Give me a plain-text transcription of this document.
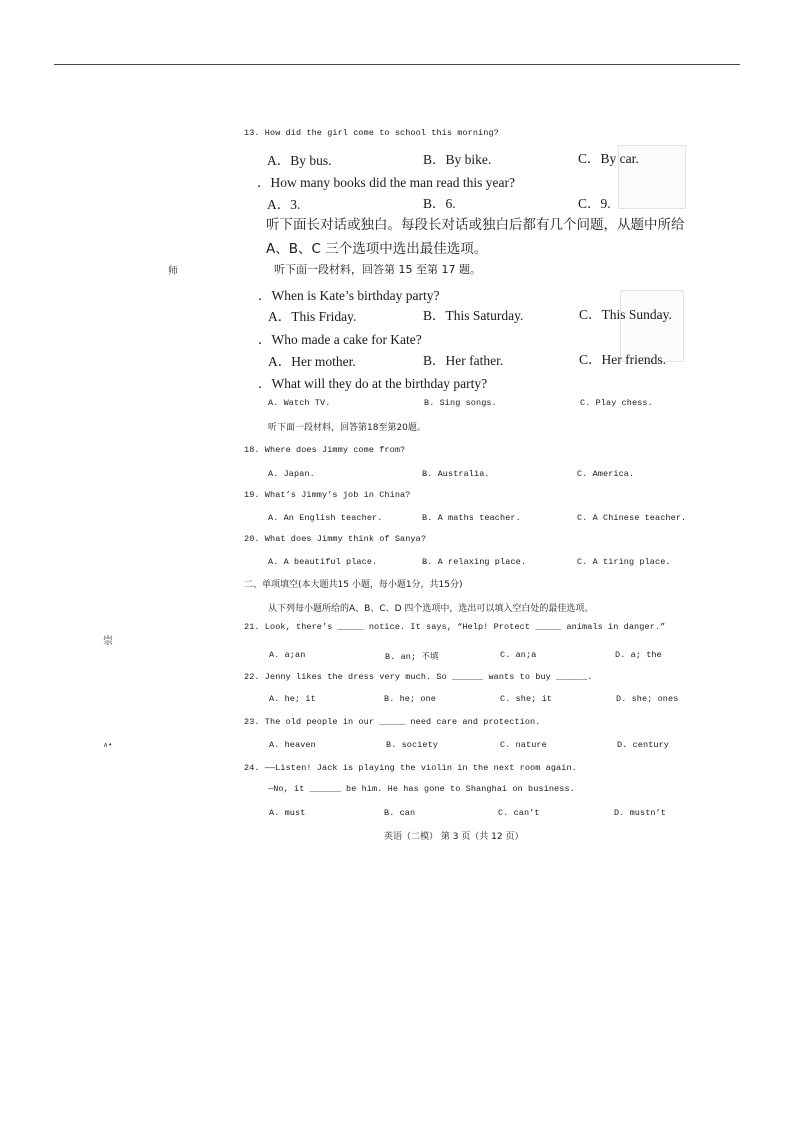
师
崇
∧•
13. How did the girl come to school this morning?
A．By bus.	B．By bike.	C．By car.
．How many books did the man read this year?
A．3.	B．6.	C．9.
听下面长对话或独白。每段长对话或独白后都有几个问题，从题中所给
A、B、C 三个选项中选出最佳选项。
听下面一段材料，回答第 15 至第 17 题。
．When is Kate’s birthday party?
A．This Friday.	B．This Saturday.	C．This Sunday.
．Who made a cake for Kate?
A．Her mother.	B．Her father.	C．Her friends.
．What will they do at the birthday party?
A. Watch TV.	B. Sing songs.	C. Play chess.
听下面一段材料，回答第18至第20题。
18. Where does Jimmy come from?
A. Japan.	B. Australia.	C. America.
19. What’s Jimmy’s job in China?
A. An English teacher.	B. A maths teacher.	C. A Chinese teacher.
20. What does Jimmy think of Sanya?
A. A beautiful place.	B. A relaxing place.	C. A tiring place.
二、单项填空(本大题共15 小题，每小题1分，共15分)
从下列每小题所给的A、B、C、D 四个选项中，选出可以填入空白处的最佳选项。
21. Look, there’s _____ notice. It says, “Help! Protect _____ animals in danger.”
A. a;an	B. an; 不填	C. an;a	D. a; the
22. Jenny likes the dress very much. So ______ wants to buy ______.
A. he; it	B. he; one	C. she; it	D. she; ones
23. The old people in our _____ need care and protection.
A. heaven	B. society	C. nature	D. century
24. ——Listen! Jack is playing the violin in the next room again.
—No, it ______ be him. He has gone to Shanghai on business.
A. must	B. can	C. can’t	D. mustn’t
英语（二模） 第 3 页（共 12 页）
